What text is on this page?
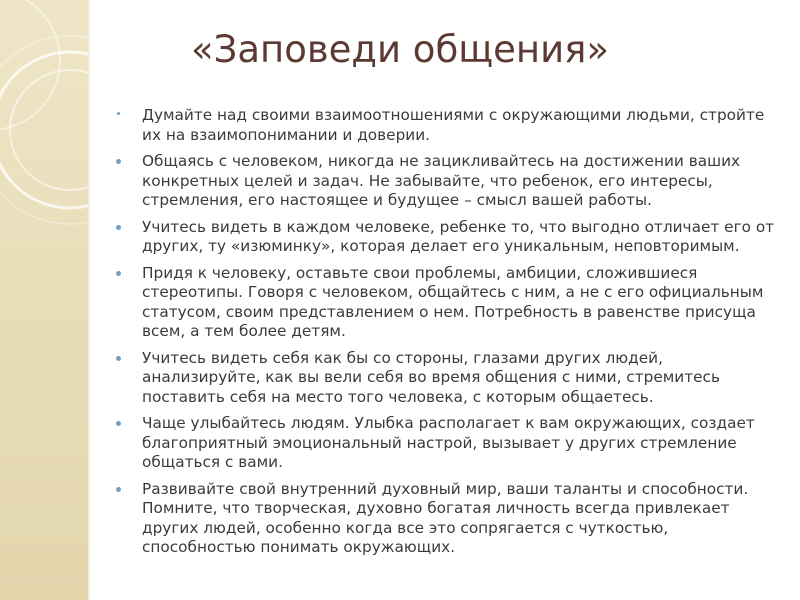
«Заповеди общения»
Думайте над своими взаимоотношениями с окружающими людьми, стройте их на взаимопонимании и доверии.
Общаясь с человеком, никогда не зацикливайтесь на достижении ваших конкретных целей и задач. Не забывайте, что ребенок, его интересы, стремления, его настоящее и будущее – смысл вашей работы.
Учитесь видеть в каждом человеке, ребенке то, что выгодно отличает его от других, ту «изюминку», которая делает его уникальным, неповторимым.
Придя к человеку, оставьте свои проблемы, амбиции, сложившиеся стереотипы. Говоря с человеком, общайтесь с ним, а не с его официальным статусом, своим представлением о нем. Потребность в равенстве присуща всем, а тем более детям.
Учитесь видеть себя как бы со стороны, глазами других людей, анализируйте, как вы вели себя во время общения с ними, стремитесь поставить себя на место того человека, с которым общаетесь.
Чаще улыбайтесь людям. Улыбка располагает к вам окружающих, создает благоприятный эмоциональный настрой, вызывает у других стремление общаться с вами.
Развивайте свой внутренний духовный мир, ваши таланты и способности. Помните, что творческая, духовно богатая личность всегда привлекает других людей, особенно когда все это сопрягается с чуткостью, способностью понимать окружающих.
